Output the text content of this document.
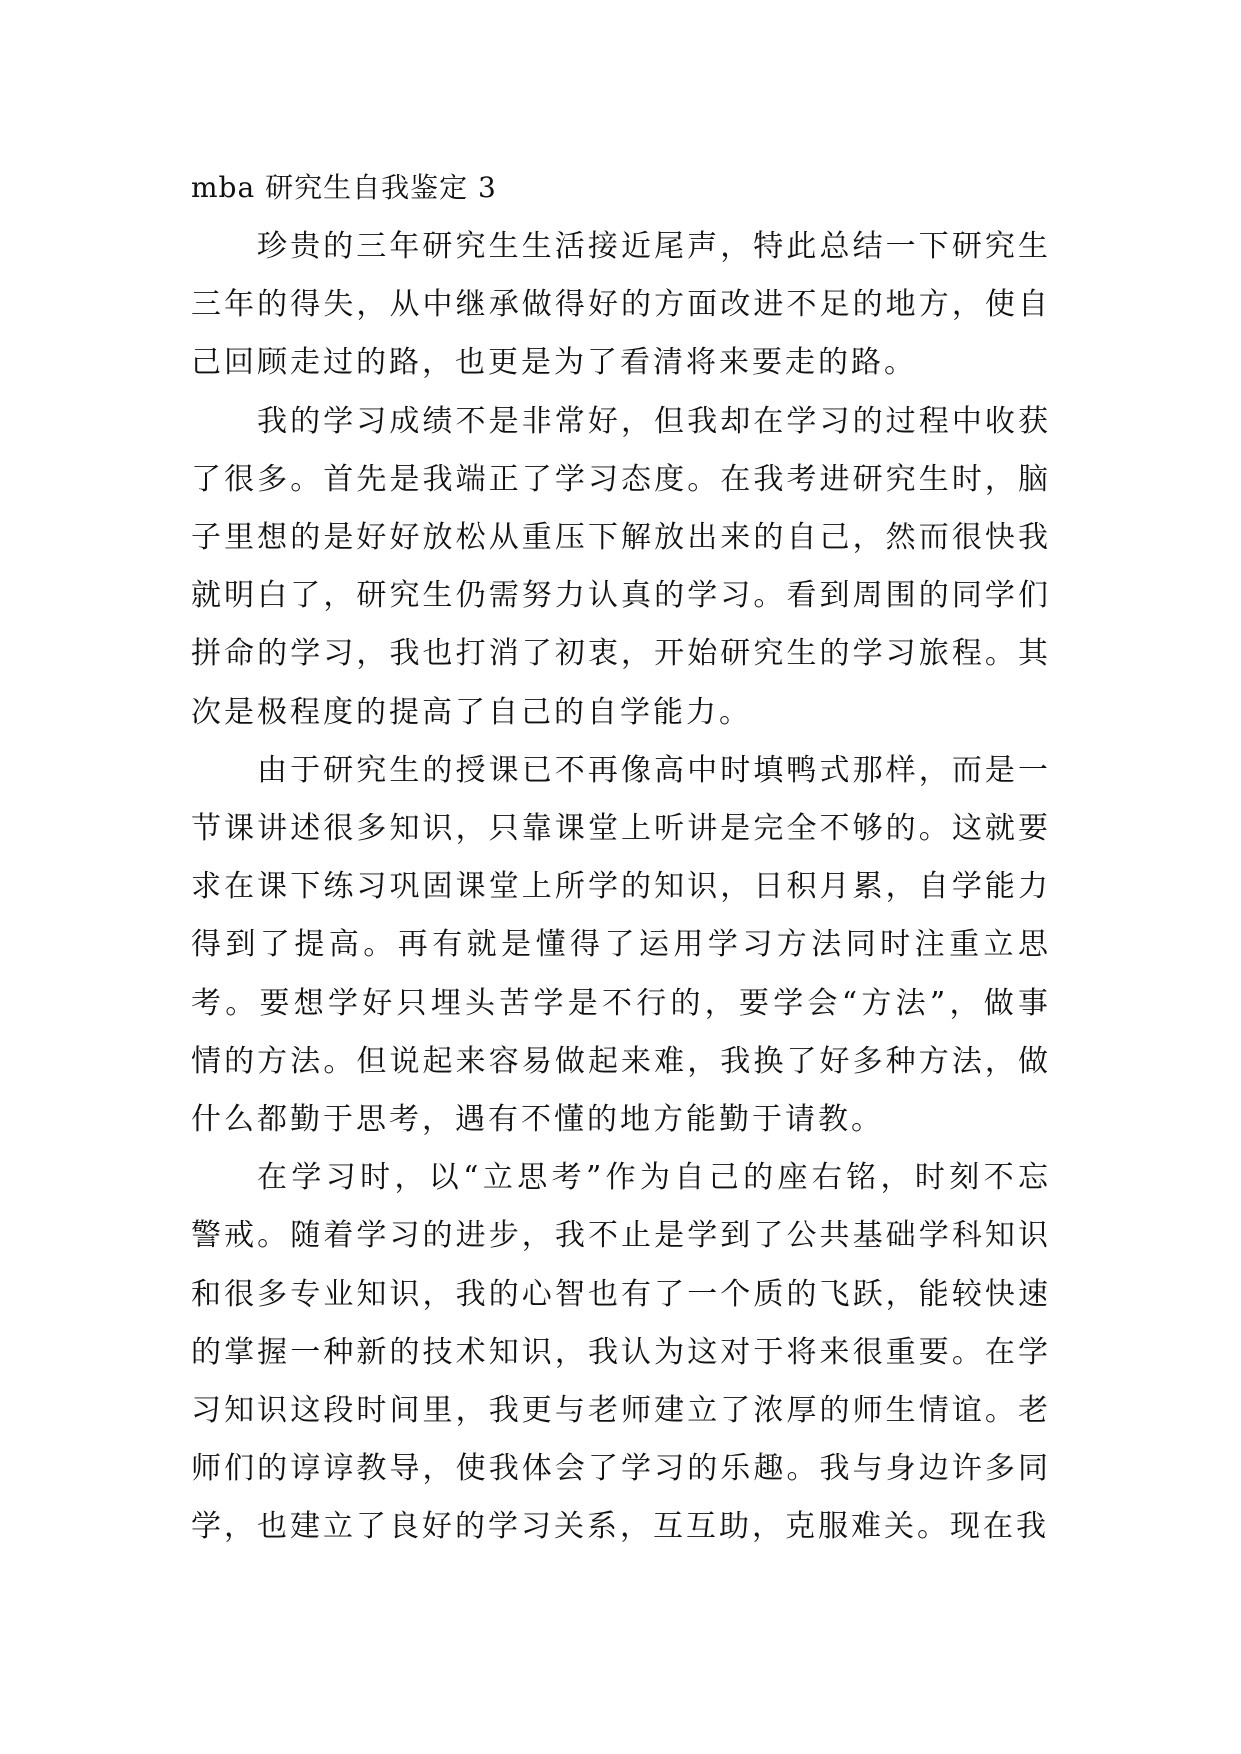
mba 研究生自我鉴定 3

珍贵的三年研究生生活接近尾声，特此总结一下研究生三年的得失，从中继承做得好的方面改进不足的地方，使自己回顾走过的路，也更是为了看清将来要走的路。

我的学习成绩不是非常好，但我却在学习的过程中收获了很多。首先是我端正了学习态度。在我考进研究生时，脑子里想的是好好放松从重压下解放出来的自己，然而很快我就明白了，研究生仍需努力认真的学习。看到周围的同学们拼命的学习，我也打消了初衷，开始研究生的学习旅程。其次是极程度的提高了自己的自学能力。

由于研究生的授课已不再像高中时填鸭式那样，而是一节课讲述很多知识，只靠课堂上听讲是完全不够的。这就要求在课下练习巩固课堂上所学的知识，日积月累，自学能力得到了提高。再有就是懂得了运用学习方法同时注重立思考。要想学好只埋头苦学是不行的，要学会“方法”，做事情的方法。但说起来容易做起来难，我换了好多种方法，做什么都勤于思考，遇有不懂的地方能勤于请教。

在学习时，以“立思考”作为自己的座右铭，时刻不忘警戒。随着学习的进步，我不止是学到了公共基础学科知识和很多专业知识，我的心智也有了一个质的飞跃，能较快速的掌握一种新的技术知识，我认为这对于将来很重要。在学习知识这段时间里，我更与老师建立了浓厚的师生情谊。老师们的谆谆教导，使我体会了学习的乐趣。我与身边许多同学，也建立了良好的学习关系，互互助，克服难关。现在我
